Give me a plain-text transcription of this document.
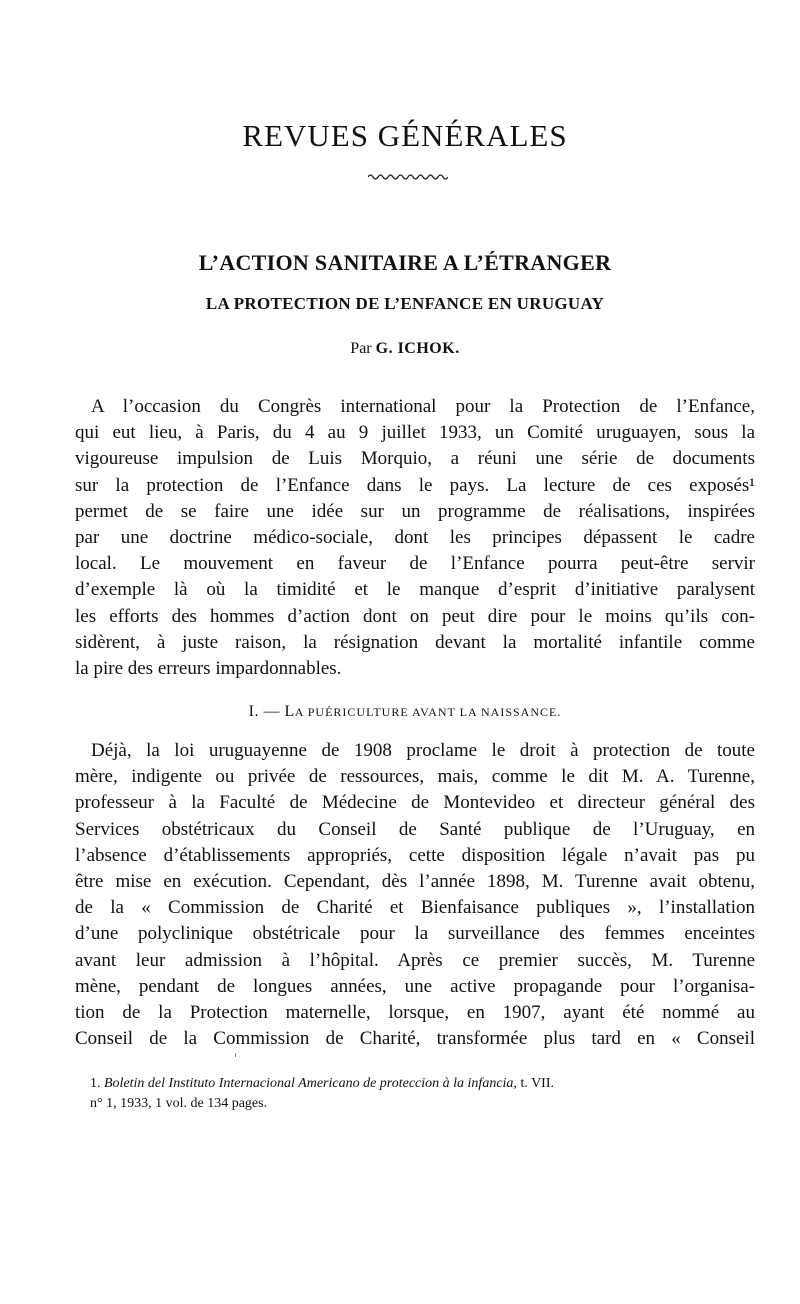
REVUES GÉNÉRALES
L’ACTION SANITAIRE A L’ÉTRANGER
LA PROTECTION DE L’ENFANCE EN URUGUAY

Par G. ICHOK.

A l’occasion du Congrès international pour la Protection de l’Enfance,
qui eut lieu, à Paris, du 4 au 9 juillet 1933, un Comité uruguayen, sous la
vigoureuse impulsion de Luis Morquio, a réuni une série de documents
sur la protection de l’Enfance dans le pays. La lecture de ces exposés¹
permet de se faire une idée sur un programme de réalisations, inspirées
par une doctrine médico-sociale, dont les principes dépassent le cadre
local. Le mouvement en faveur de l’Enfance pourra peut-être servir
d’exemple là où la timidité et le manque d’esprit d’initiative paralysent
les efforts des hommes d’action dont on peut dire pour le moins qu’ils con-
sidèrent, à juste raison, la résignation devant la mortalité infantile comme
la pire des erreurs impardonnables.

I. — LA PUÉRICULTURE AVANT LA NAISSANCE.

Déjà, la loi uruguayenne de 1908 proclame le droit à protection de toute
mère, indigente ou privée de ressources, mais, comme le dit M. A. Turenne,
professeur à la Faculté de Médecine de Montevideo et directeur général des
Services obstétricaux du Conseil de Santé publique de l’Uruguay, en
l’absence d’établissements appropriés, cette disposition légale n’avait pas pu
être mise en exécution. Cependant, dès l’année 1898, M. Turenne avait obtenu,
de la « Commission de Charité et Bienfaisance publiques », l’installation
d’une polyclinique obstétricale pour la surveillance des femmes enceintes
avant leur admission à l’hôpital. Après ce premier succès, M. Turenne
mène, pendant de longues années, une active propagande pour l’organisa-
tion de la Protection maternelle, lorsque, en 1907, ayant été nommé au
Conseil de la Commission de Charité, transformée plus tard en « Conseil

1. Boletin del Instituto Internacional Americano de proteccion à la infancia, t. VII.
n° 1, 1933, 1 vol. de 134 pages.
